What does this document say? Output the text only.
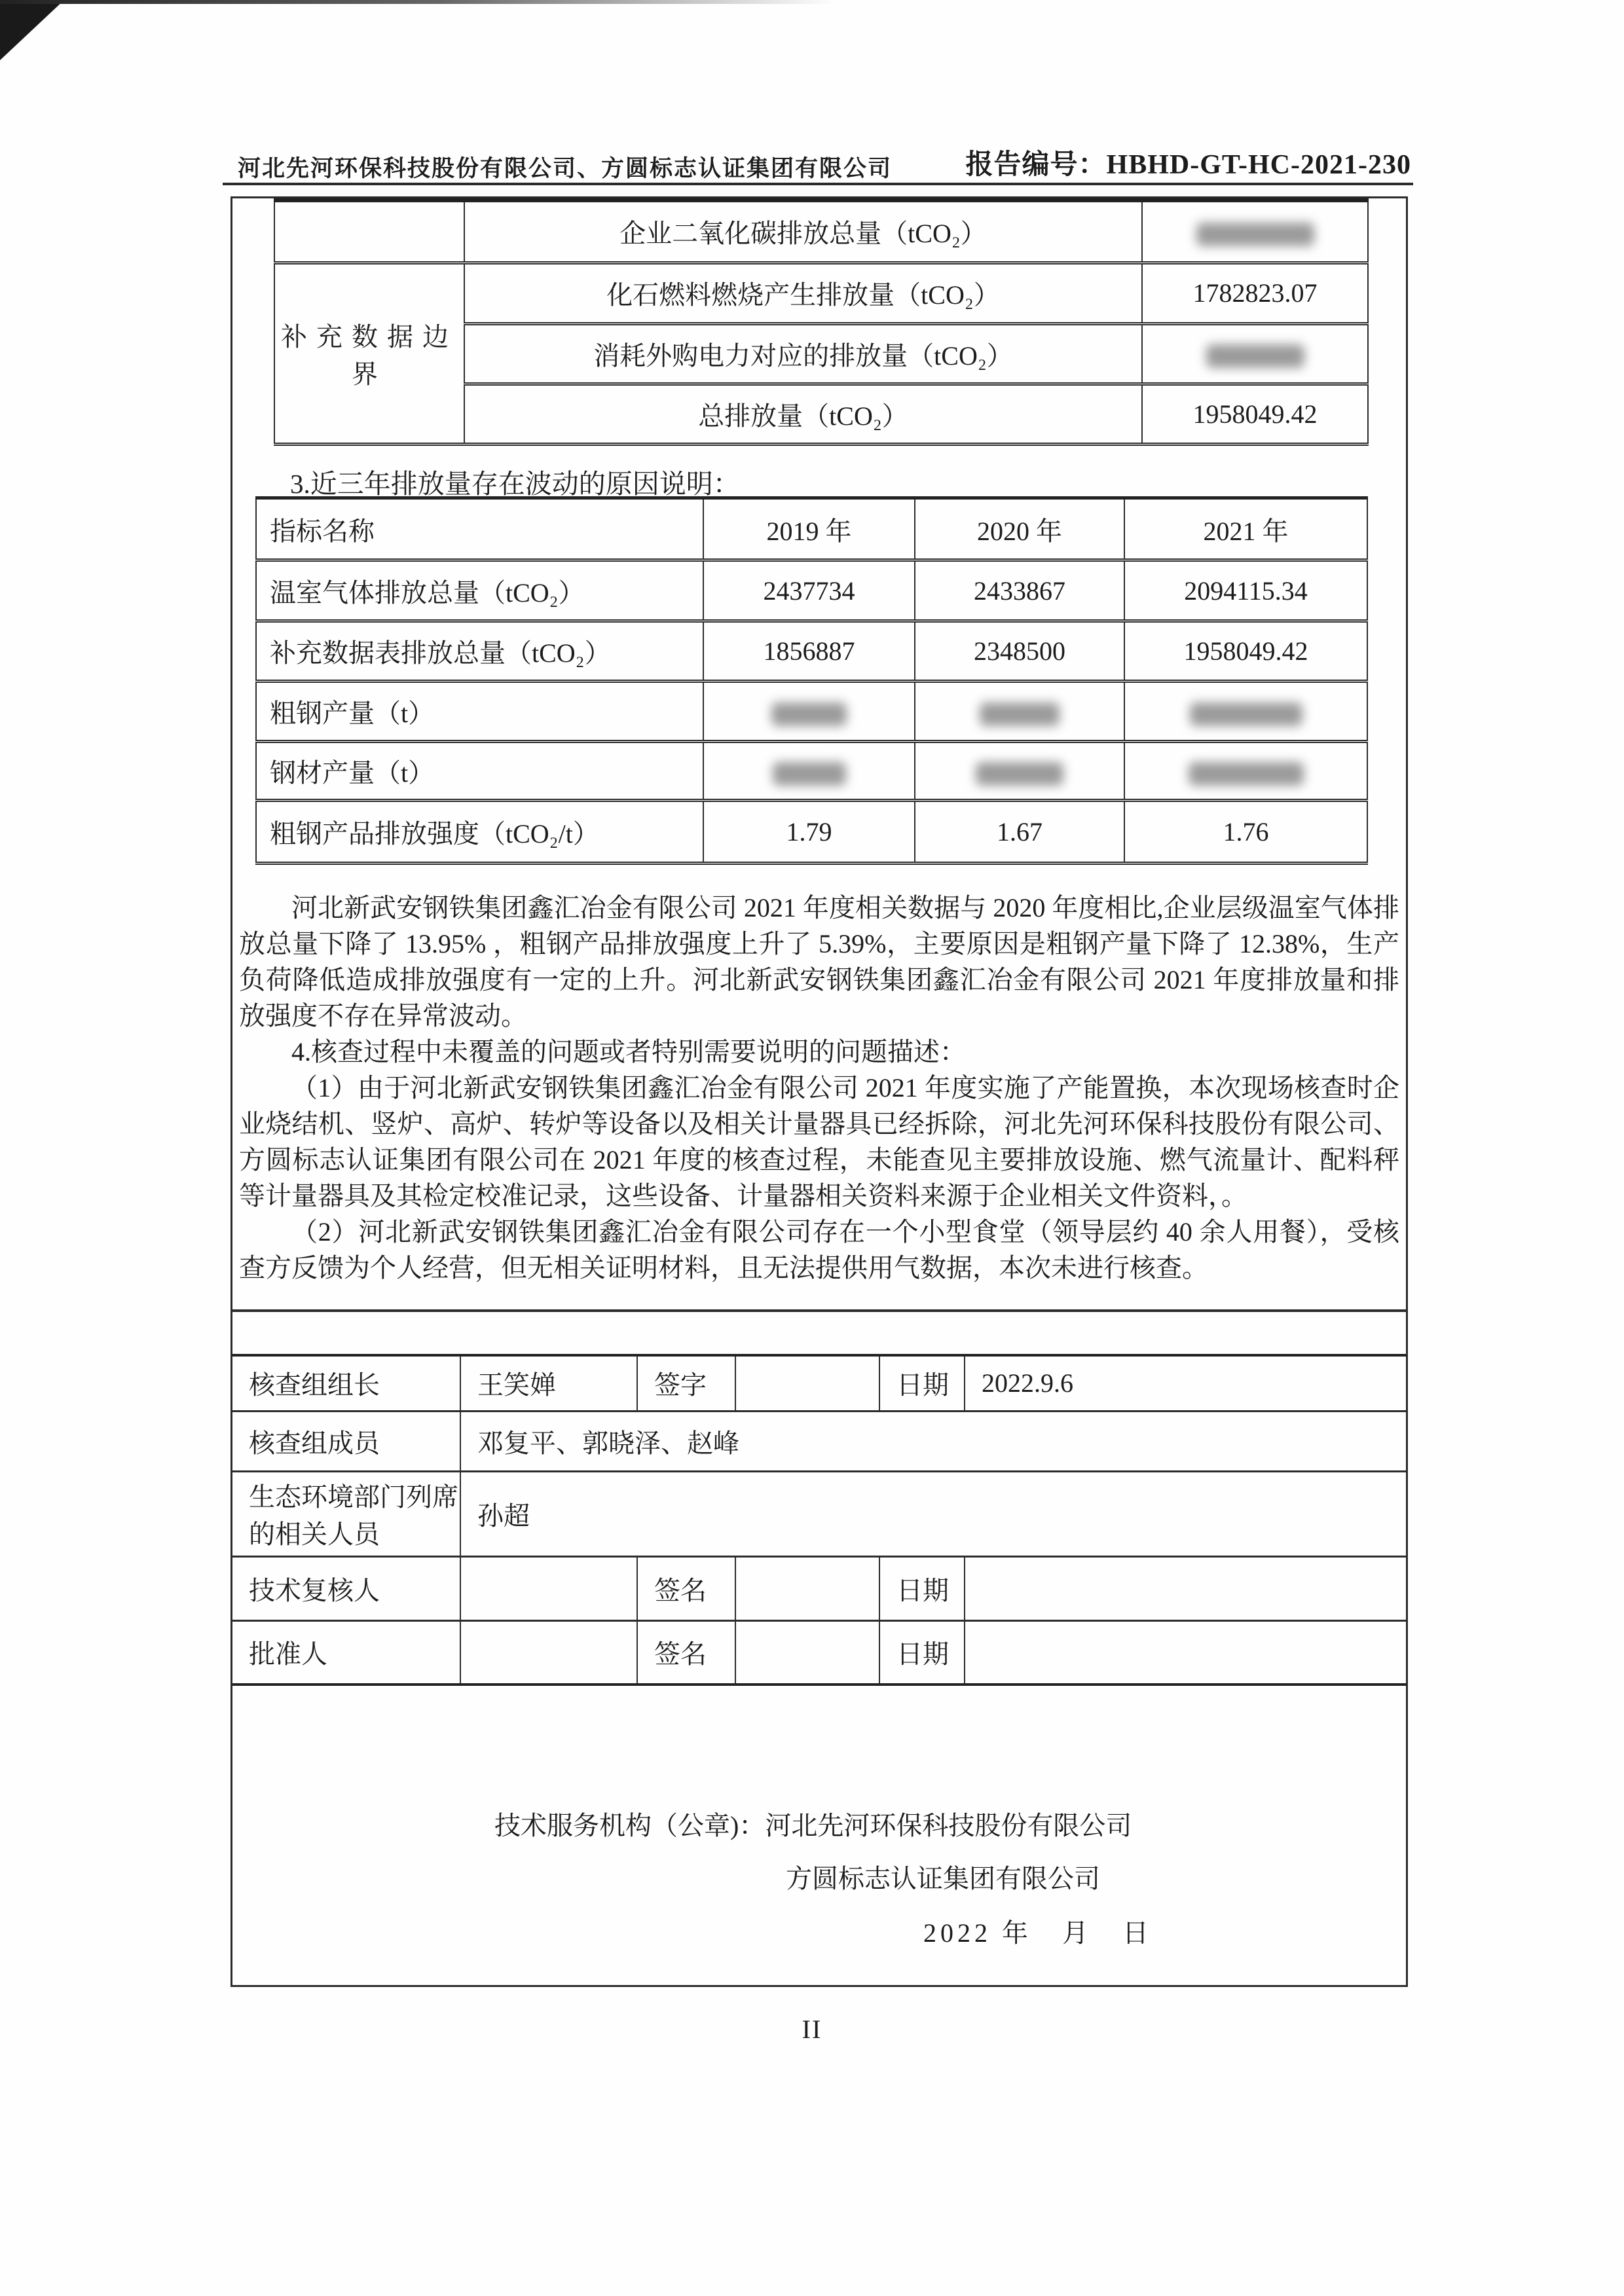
河北先河环保科技股份有限公司、方圆标志认证集团有限公司	报告编号：HBHD-GT-HC-2021-230
	企业二氧化碳排放总量（tCO₂）	
补充数据边界	化石燃料燃烧产生排放量（tCO₂）	1782823.07
	消耗外购电力对应的排放量（tCO₂）	
	总排放量（tCO₂）	1958049.42
3.近三年排放量存在波动的原因说明：
指标名称	2019 年	2020 年	2021 年
温室气体排放总量（tCO₂）	2437734	2433867	2094115.34
补充数据表排放总量（tCO₂）	1856887	2348500	1958049.42
粗钢产量（t）			
钢材产量（t）			
粗钢产品排放强度（tCO₂/t）	1.79	1.67	1.76

河北新武安钢铁集团鑫汇冶金有限公司 2021 年度相关数据与 2020 年度相比,企业层级温室气体排放总量下降了 13.95% ，粗钢产品排放强度上升了 5.39%，主要原因是粗钢产量下降了 12.38%，生产负荷降低造成排放强度有一定的上升。河北新武安钢铁集团鑫汇冶金有限公司 2021 年度排放量和排放强度不存在异常波动。

4.核查过程中未覆盖的问题或者特别需要说明的问题描述：

（1）由于河北新武安钢铁集团鑫汇冶金有限公司 2021 年度实施了产能置换，本次现场核查时企业烧结机、竖炉、高炉、转炉等设备以及相关计量器具已经拆除，河北先河环保科技股份有限公司、方圆标志认证集团有限公司在 2021 年度的核查过程，未能查见主要排放设施、燃气流量计、配料秤等计量器具及其检定校准记录，这些设备、计量器相关资料来源于企业相关文件资料，。

（2）河北新武安钢铁集团鑫汇冶金有限公司存在一个小型食堂（领导层约 40 余人用餐），受核查方反馈为个人经营，但无相关证明材料，且无法提供用气数据，本次未进行核查。

核查组组长	王笑婵	签字		日期	2022.9.6
核查组成员	邓复平、郭晓泽、赵峰				
生态环境部门列席的相关人员	孙超				
技术复核人		签名		日期	
批准人		签名		日期	
技术服务机构（公章)：河北先河环保科技股份有限公司
方圆标志认证集团有限公司
2022 年　月　日
II
